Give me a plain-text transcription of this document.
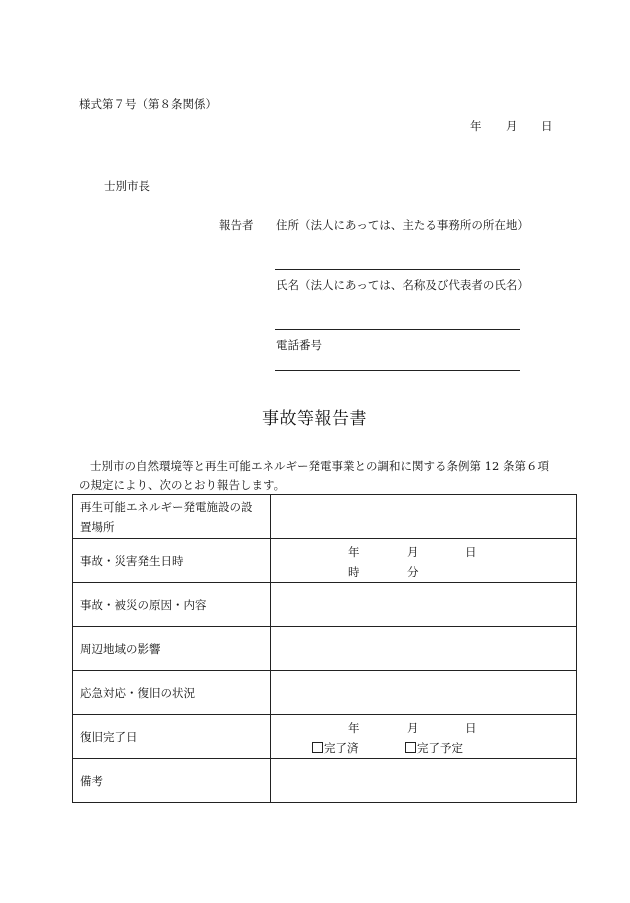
様式第７号（第８条関係）
年 月 日
士別市長
報告者 住所（法人にあっては、主たる事務所の所在地）
氏名（法人にあっては、名称及び代表者の氏名）
電話番号
事故等報告書
士別市の自然環境等と再生可能エネルギー発電事業との調和に関する条例第 12 条第６項
の規定により、次のとおり報告します。
再生可能エネルギー発電施設の設
置場所	

事故・災害発生日時	年 月 日
時 分

事故・被災の原因・内容	
周辺地域の影響	
応急対応・復旧の状況	
復旧完了日	年 月 日
完了済 完了予定

備考	
